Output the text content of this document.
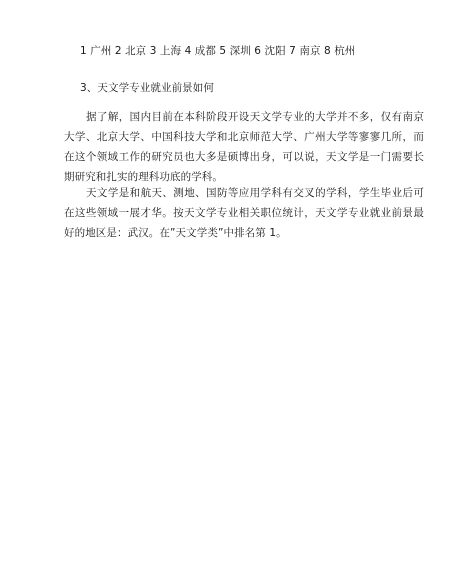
1 广州 2 北京 3 上海 4 成都 5 深圳 6 沈阳 7 南京 8 杭州
3、天文学专业就业前景如何

据了解，国内目前在本科阶段开设天文学专业的大学并不多，仅有南京大学、北京大学、中国科技大学和北京师范大学、广州大学等寥寥几所，而在这个领域工作的研究员也大多是硕博出身，可以说，天文学是一门需要长期研究和扎实的理科功底的学科。

天文学是和航天、测地、国防等应用学科有交叉的学科，学生毕业后可在这些领域一展才华。按天文学专业相关职位统计，天文学专业就业前景最好的地区是：武汉。在”天文学类”中排名第 1。
